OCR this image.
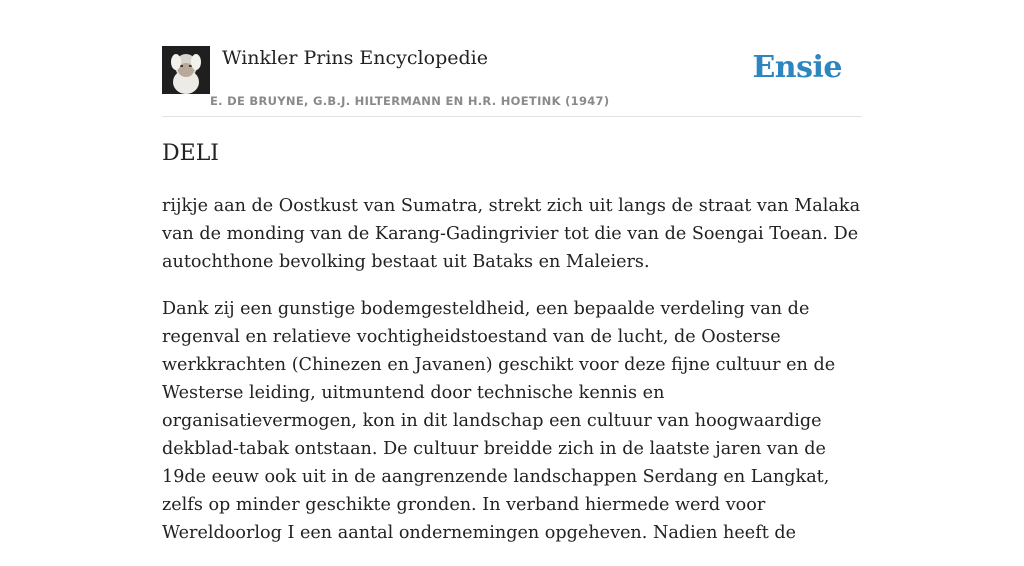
Winkler Prins Encyclopedie
E. DE BRUYNE, G.B.J. HILTERMANN EN H.R. HOETINK (1947)
Ensie
DELI

rijkje aan de Oostkust van Sumatra, strekt zich uit langs de straat van Malaka van de monding van de Karang-Gadingrivier tot die van de Soengai Toean. De autochthone bevolking bestaat uit Bataks en Maleiers.

Dank zij een gunstige bodemgesteldheid, een bepaalde verdeling van de regenval en relatieve vochtigheidstoestand van de lucht, de Oosterse werkkrachten (Chinezen en Javanen) geschikt voor deze fijne cultuur en de Westerse leiding, uitmuntend door technische kennis en organisatievermogen, kon in dit landschap een cultuur van hoogwaardige dekblad-tabak ontstaan. De cultuur breidde zich in de laatste jaren van de 19de eeuw ook uit in de aangrenzende landschappen Serdang en Langkat, zelfs op minder geschikte gronden. In verband hiermede werd voor Wereldoorlog I een aantal ondernemingen opgeheven. Nadien heeft de
